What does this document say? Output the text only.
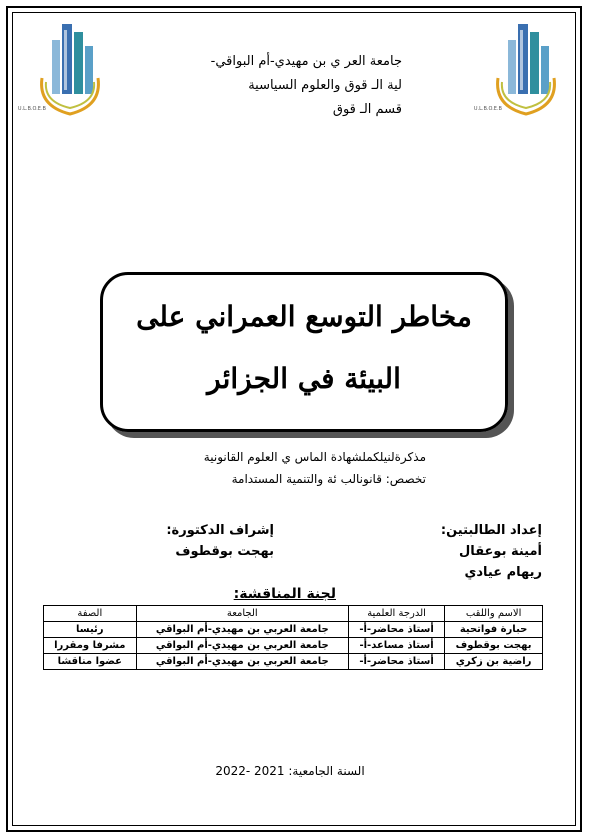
U.L.B.O.E.B	U.L.B.O.E.B
جامعة العر ي بن مهيدي-أم البواقي-
لية الـ قوق والعلوم السياسية
قسم الـ قوق
مخاطر التوسع العمراني على
البيئة في الجزائر
مذكرةلنيلكملشهادة الماس ي العلوم القانونية
تخصص: قانونالب ئة والتنمية المستدامة
إعداد الطالبتين:
أمينة بوعقال
ريهام عيادي
إشراف الدكتورة:
بهجت بوقطوف
لجنة المناقشة:
الاسم واللقب	الدرجة العلمية	الجامعة	الصفة
حبارة فواتحية	أستاذ محاضر-أ-	جامعة العربي بن مهيدي-أم البواقي	رئيسا
بهجت بوقطوف	أستاذ مساعد-أ-	جامعة العربي بن مهيدي-أم البواقي	مشرفا ومقررا
راضية بن زكري	أستاذ محاضر-أ-	جامعة العربي بن مهيدي-أم البواقي	عضوا مناقشا
السنة الجامعية: 2021 -2022
